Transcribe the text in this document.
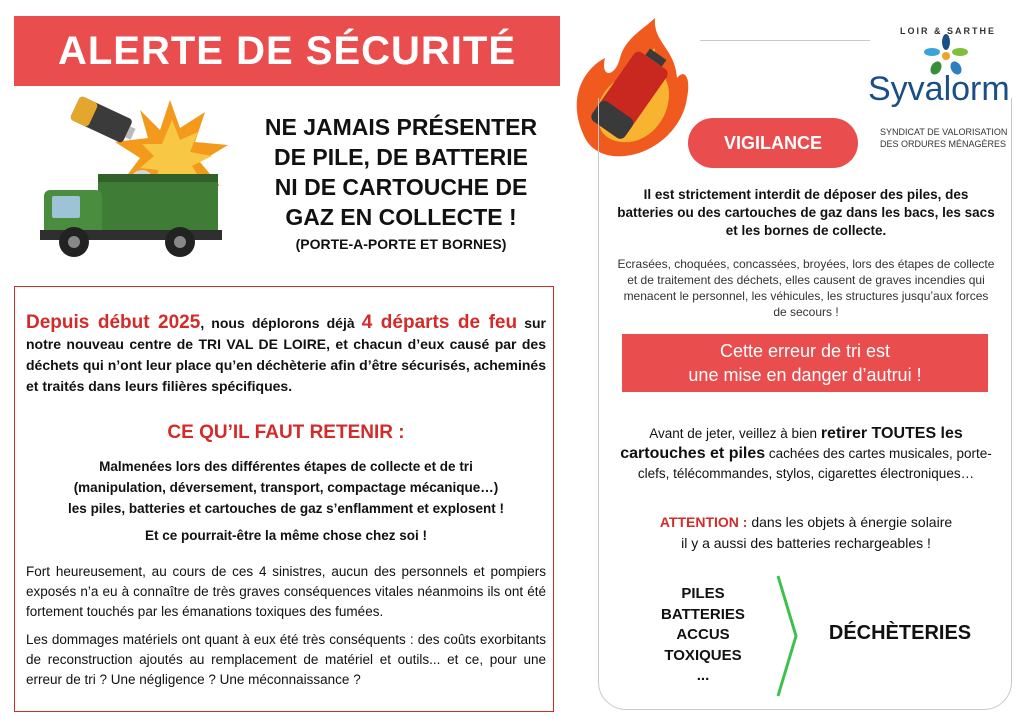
ALERTE DE SÉCURITÉ
NE JAMAIS PRÉSENTER
DE PILE, DE BATTERIE
NI DE CARTOUCHE DE
GAZ EN COLLECTE !
(PORTE-A-PORTE ET BORNES)
Depuis début 2025, nous déplorons déjà 4 départs de feu sur notre nouveau centre de TRI VAL DE LOIRE, et chacun d’eux causé par des déchets qui n’ont leur place qu’en déchèterie afin d’être sécurisés, acheminés et traités dans leurs filières spécifiques.
CE QU’IL FAUT RETENIR :
Malmenées lors des différentes étapes de collecte et de tri
(manipulation, déversement, transport, compactage mécanique…)
les piles, batteries et cartouches de gaz s’enflamment et explosent !
Et ce pourrait-être la même chose chez soi !
Fort heureusement, au cours de ces 4 sinistres, aucun des personnels et pompiers exposés n’a eu à connaître de très graves conséquences vitales néanmoins ils ont été fortement touchés par les émanations toxiques des fumées.
Les dommages matériels ont quant à eux été très conséquents : des coûts exorbitants de reconstruction ajoutés au remplacement de matériel et outils... et ce, pour une erreur de tri ? Une négligence ? Une méconnaissance ?
LOIR & SARTHE
Syvalorm
SYNDICAT DE VALORISATION
DES ORDURES MÉNAGÈRES
VIGILANCE
Il est strictement interdit de déposer des piles, des batteries ou des cartouches de gaz dans les bacs, les sacs et les bornes de collecte.
Ecrasées, choquées, concassées, broyées, lors des étapes de collecte et de traitement des déchets, elles causent de graves incendies qui menacent le personnel, les véhicules, les structures jusqu’aux forces de secours !
Cette erreur de tri est
une mise en danger d’autrui !
Avant de jeter, veillez à bien retirer TOUTES les cartouches et piles cachées des cartes musicales, porte-clefs, télécommandes, stylos, cigarettes électroniques…
ATTENTION : dans les objets à énergie solaire
il y a aussi des batteries rechargeables !
PILES
BATTERIES
ACCUS
TOXIQUES
...
DÉCHÈTERIES
